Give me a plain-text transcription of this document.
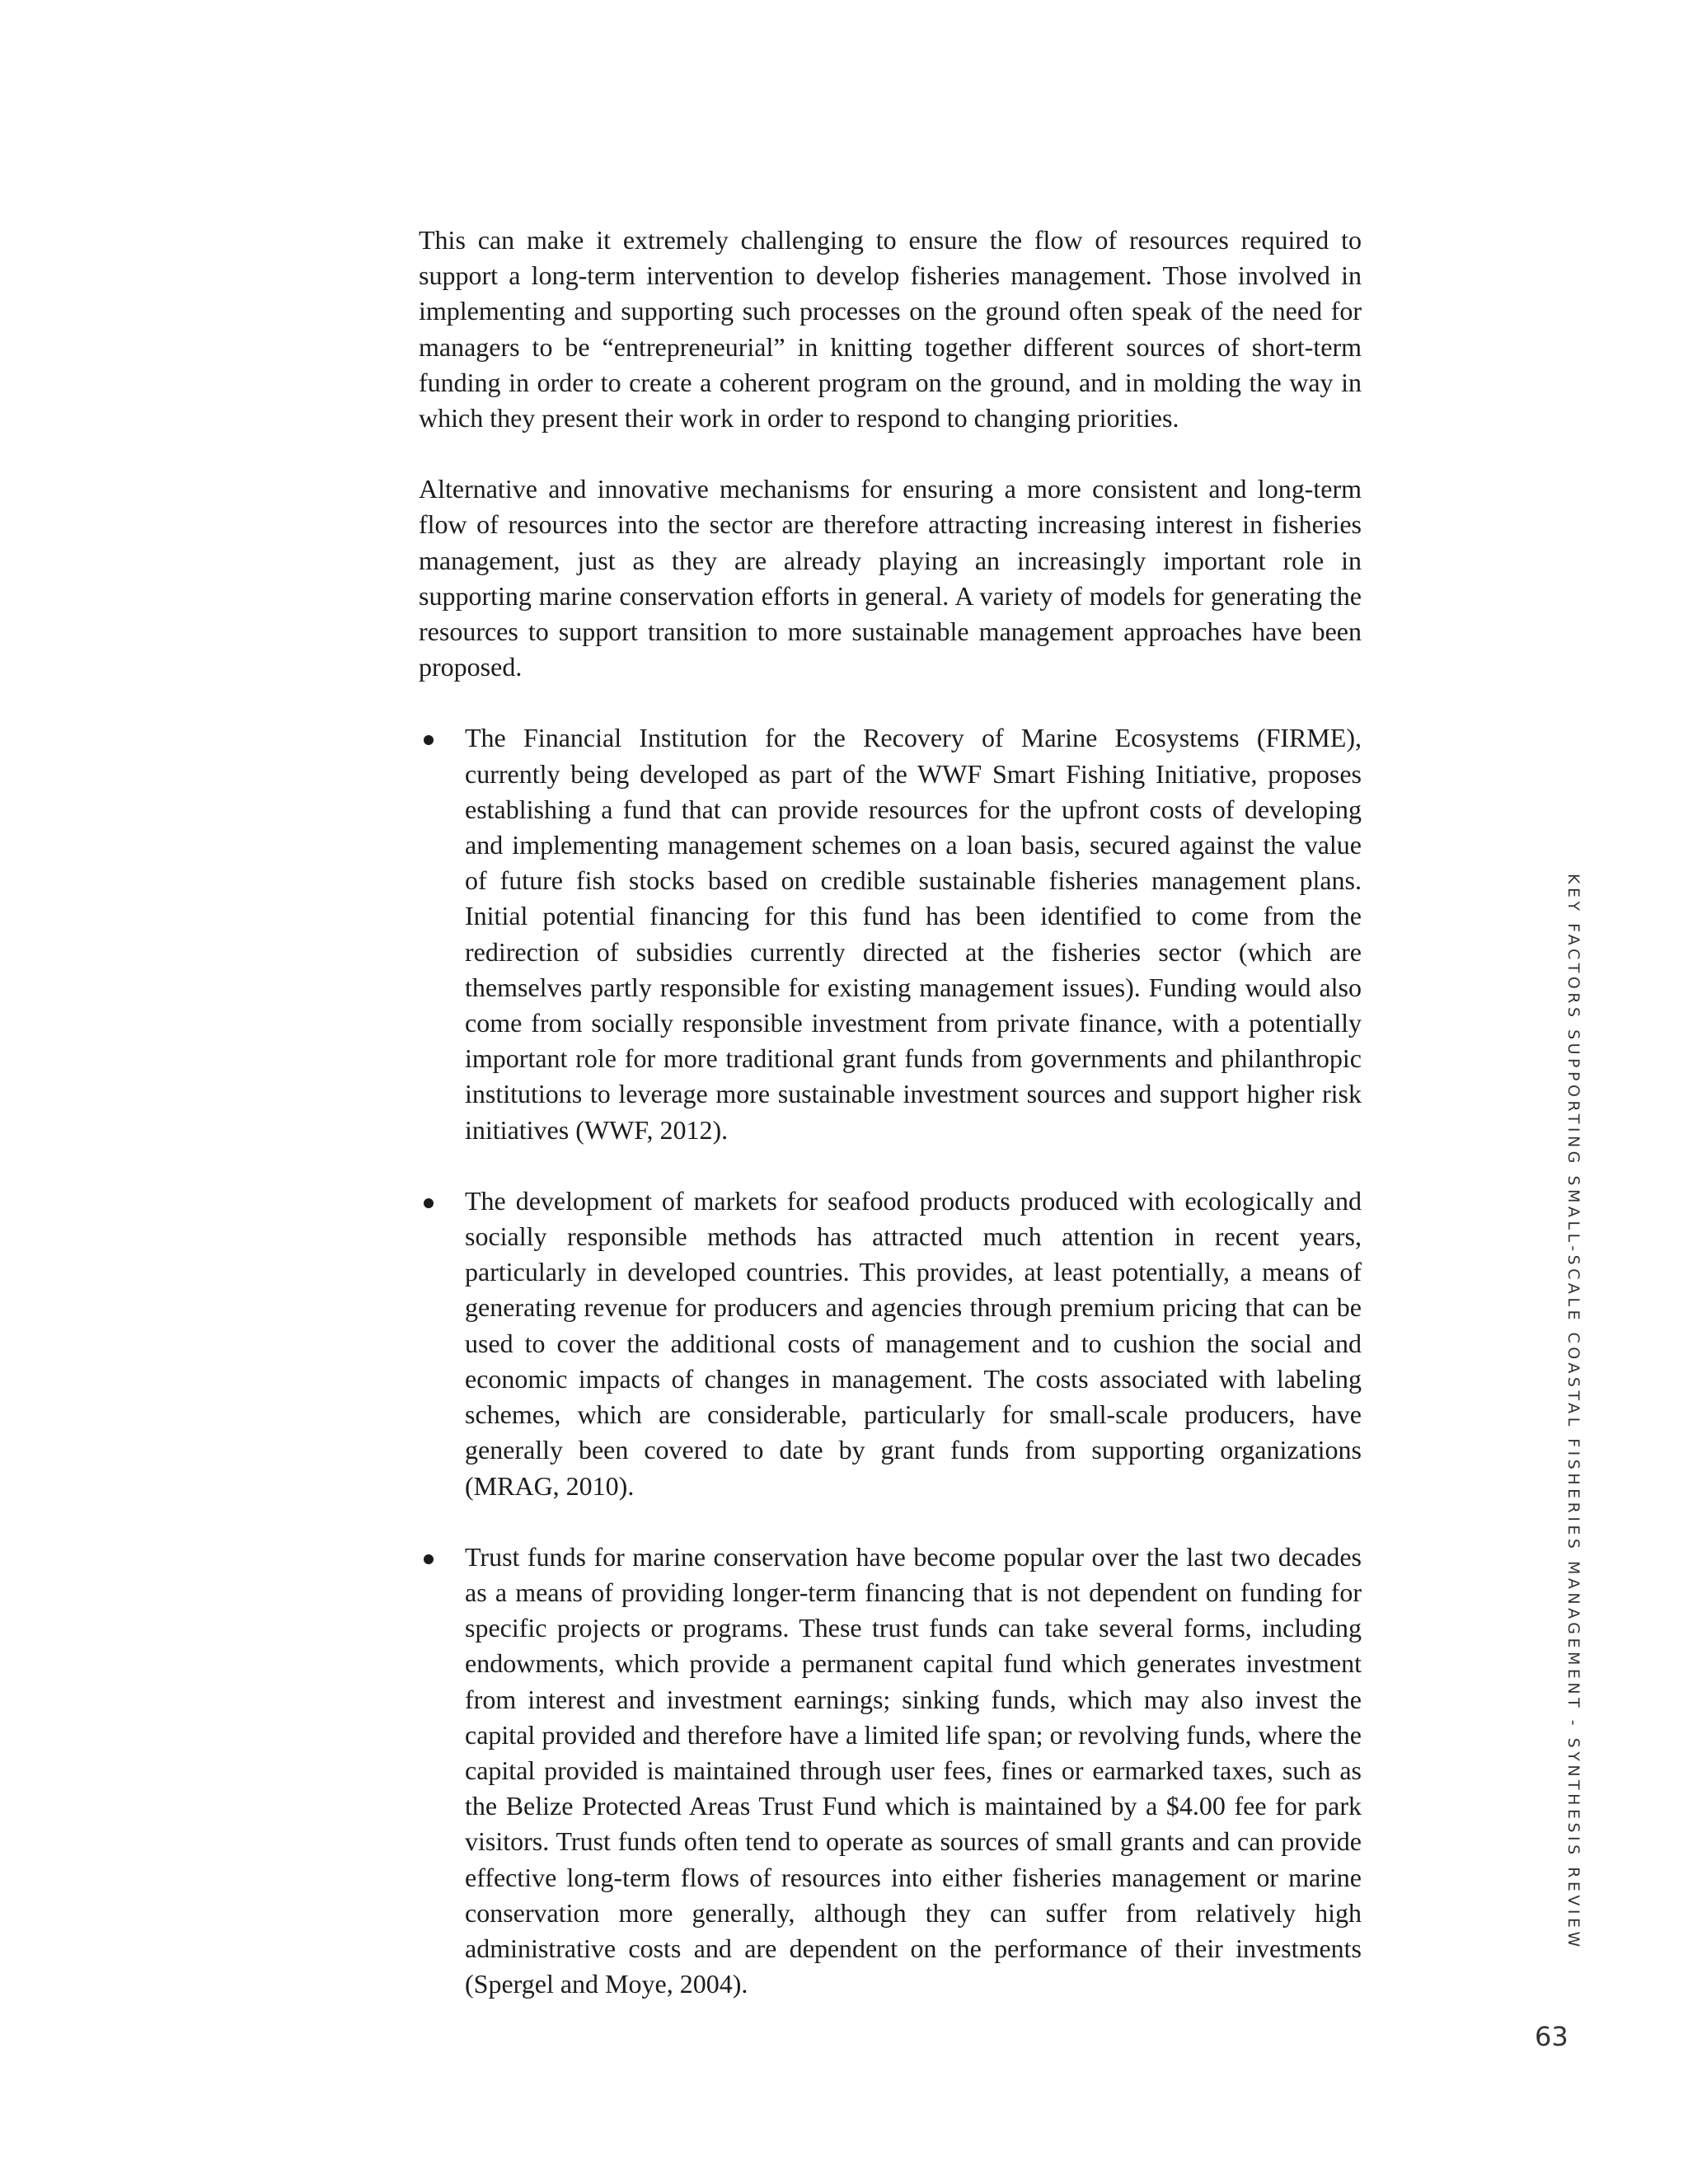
This can make it extremely challenging to ensure the flow of resources required to support a long-term intervention to develop fisheries management. Those involved in implementing and supporting such processes on the ground often speak of the need for managers to be “entrepreneurial” in knitting together different sources of short-term funding in order to create a coherent program on the ground, and in molding the way in which they present their work in order to respond to changing priorities.

Alternative and innovative mechanisms for ensuring a more consistent and long-term flow of resources into the sector are therefore attracting increasing interest in fisheries management, just as they are already playing an increasingly important role in supporting marine conservation efforts in general. A variety of models for generating the resources to support transition to more sustainable management approaches have been proposed.

The Financial Institution for the Recovery of Marine Ecosystems (FIRME), currently being developed as part of the WWF Smart Fishing Initiative, proposes establishing a fund that can provide resources for the upfront costs of developing and implementing management schemes on a loan basis, secured against the value of future fish stocks based on credible sustainable fisheries management plans. Initial potential financing for this fund has been identified to come from the redirection of subsidies currently directed at the fisheries sector (which are themselves partly responsible for existing management issues). Funding would also come from socially responsible investment from private finance, with a potentially important role for more traditional grant funds from governments and philanthropic institutions to leverage more sustainable investment sources and support higher risk initiatives (WWF, 2012).
The development of markets for seafood products produced with ecologically and socially responsible methods has attracted much attention in recent years, particularly in developed countries. This provides, at least potentially, a means of generating revenue for producers and agencies through premium pricing that can be used to cover the additional costs of management and to cushion the social and economic impacts of changes in management. The costs associated with labeling schemes, which are considerable, particularly for small-scale producers, have generally been covered to date by grant funds from supporting organizations (MRAG, 2010).
Trust funds for marine conservation have become popular over the last two decades as a means of providing longer-term financing that is not dependent on funding for specific projects or programs. These trust funds can take several forms, including endowments, which provide a permanent capital fund which generates investment from interest and investment earnings; sinking funds, which may also invest the capital provided and therefore have a limited life span; or revolving funds, where the capital provided is maintained through user fees, fines or earmarked taxes, such as the Belize Protected Areas Trust Fund which is maintained by a $4.00 fee for park visitors. Trust funds often tend to operate as sources of small grants and can provide effective long-term flows of resources into either fisheries management or marine conservation more generally, although they can suffer from relatively high administrative costs and are dependent on the performance of their investments (Spergel and Moye, 2004).
KEY FACTORS SUPPORTING SMALL-SCALE COASTAL FISHERIES MANAGEMENT - SYNTHESIS REVIEW
63
